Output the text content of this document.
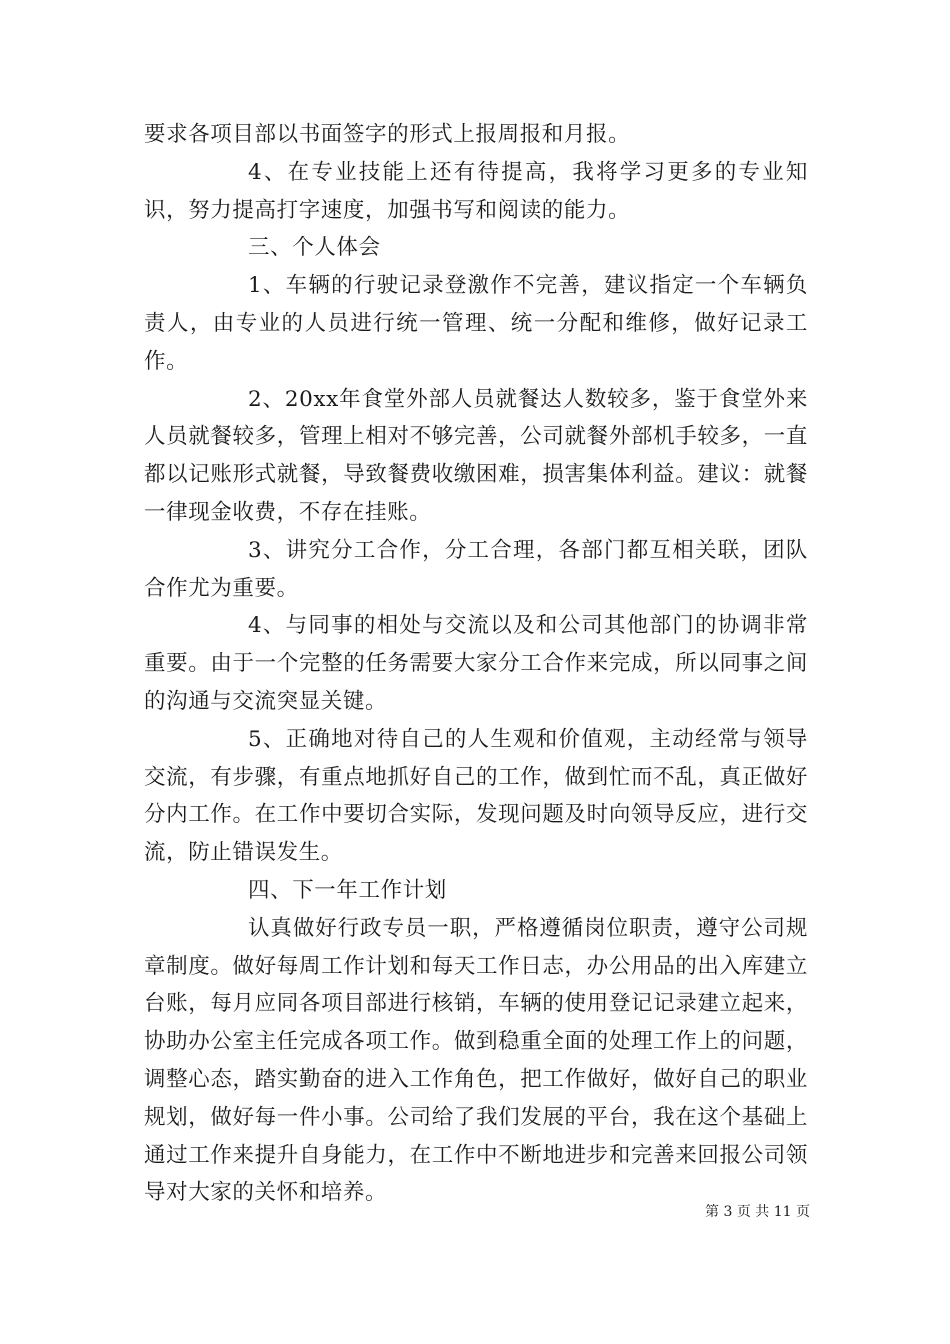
要求各项目部以书面签字的形式上报周报和月报。

4、在专业技能上还有待提高，我将学习更多的专业知识，努力提高打字速度，加强书写和阅读的能力。

三、个人体会

1、车辆的行驶记录登激作不完善，建议指定一个车辆负责人，由专业的人员进行统一管理、统一分配和维修，做好记录工作。

2、20xx年食堂外部人员就餐达人数较多，鉴于食堂外来人员就餐较多，管理上相对不够完善，公司就餐外部机手较多，一直都以记账形式就餐，导致餐费收缴困难，损害集体利益。建议：就餐一律现金收费，不存在挂账。

3、讲究分工合作，分工合理，各部门都互相关联，团队合作尤为重要。

4、与同事的相处与交流以及和公司其他部门的协调非常重要。由于一个完整的任务需要大家分工合作来完成，所以同事之间的沟通与交流突显关键。

5、正确地对待自己的人生观和价值观，主动经常与领导交流，有步骤，有重点地抓好自己的工作，做到忙而不乱，真正做好分内工作。在工作中要切合实际，发现问题及时向领导反应，进行交流，防止错误发生。

四、下一年工作计划

认真做好行政专员一职，严格遵循岗位职责，遵守公司规章制度。做好每周工作计划和每天工作日志，办公用品的出入库建立台账，每月应同各项目部进行核销，车辆的使用登记记录建立起来，协助办公室主任完成各项工作。做到稳重全面的处理工作上的问题，调整心态，踏实勤奋的进入工作角色，把工作做好，做好自己的职业规划，做好每一件小事。公司给了我们发展的平台，我在这个基础上通过工作来提升自身能力，在工作中不断地进步和完善来回报公司领导对大家的关怀和培养。

第 3 页 共 11 页
